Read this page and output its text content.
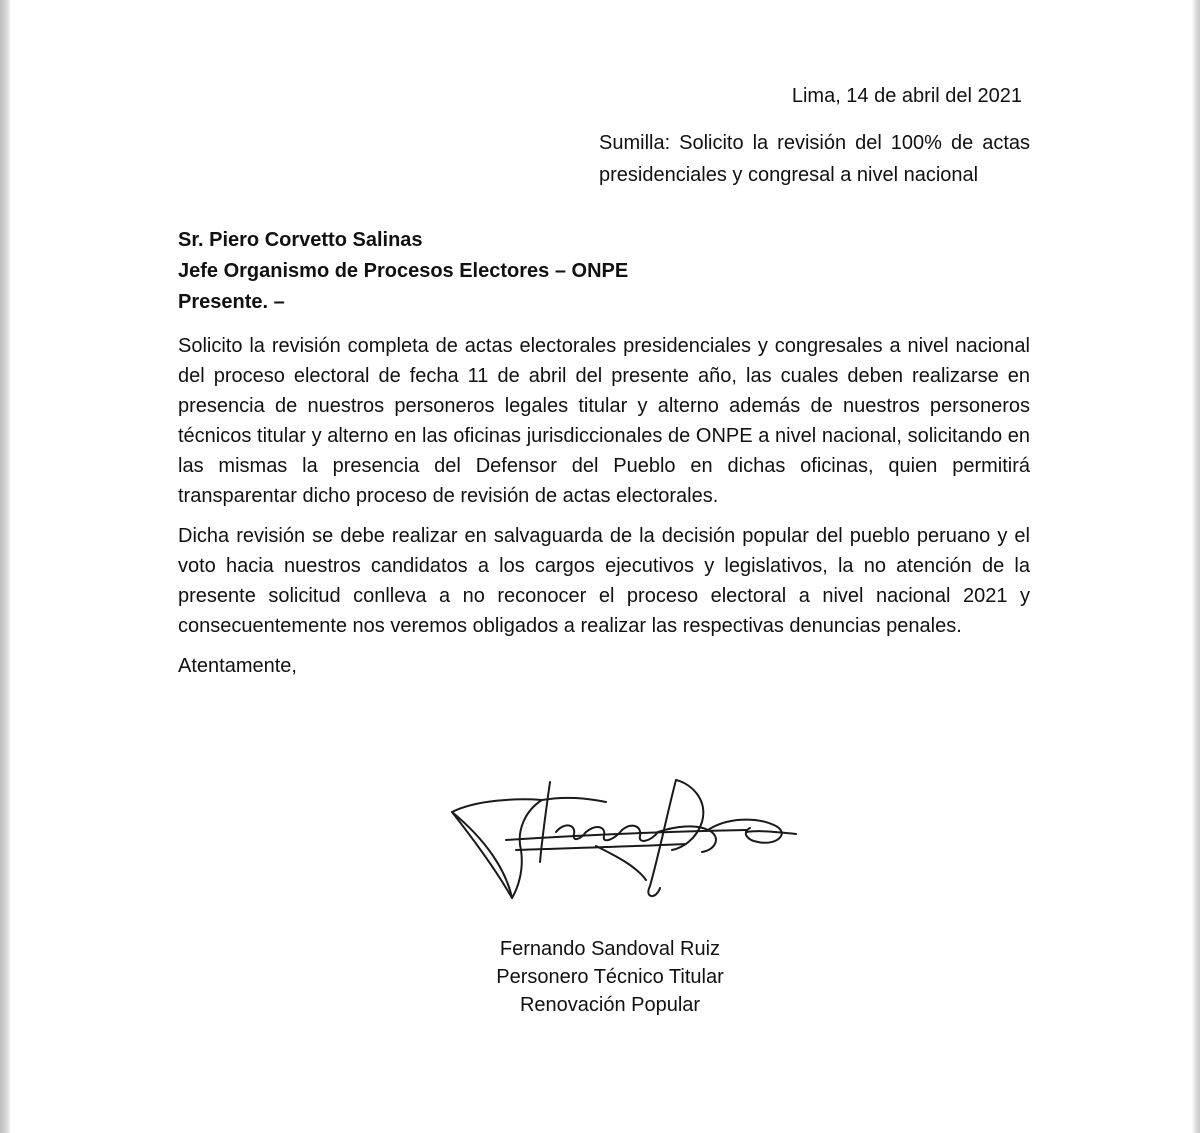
Lima, 14 de abril del 2021
Sumilla: Solicito la revisión del 100% de actas presidenciales y congresal a nivel nacional
Sr. Piero Corvetto Salinas
Jefe Organismo de Procesos Electores – ONPE
Presente. –

Solicito la revisión completa de actas electorales presidenciales y congresales a nivel nacional del proceso electoral de fecha 11 de abril del presente año, las cuales deben realizarse en presencia de nuestros personeros legales titular y alterno además de nuestros personeros técnicos titular y alterno en las oficinas jurisdiccionales de ONPE a nivel nacional, solicitando en las mismas la presencia del Defensor del Pueblo en dichas oficinas, quien permitirá transparentar dicho proceso de revisión de actas electorales.

Dicha revisión se debe realizar en salvaguarda de la decisión popular del pueblo peruano y el voto hacia nuestros candidatos a los cargos ejecutivos y legislativos, la no atención de la presente solicitud conlleva a no reconocer el proceso electoral a nivel nacional 2021 y consecuentemente nos veremos obligados a realizar las respectivas denuncias penales.

Atentamente,
Fernando Sandoval Ruiz
Personero Técnico Titular
Renovación Popular
